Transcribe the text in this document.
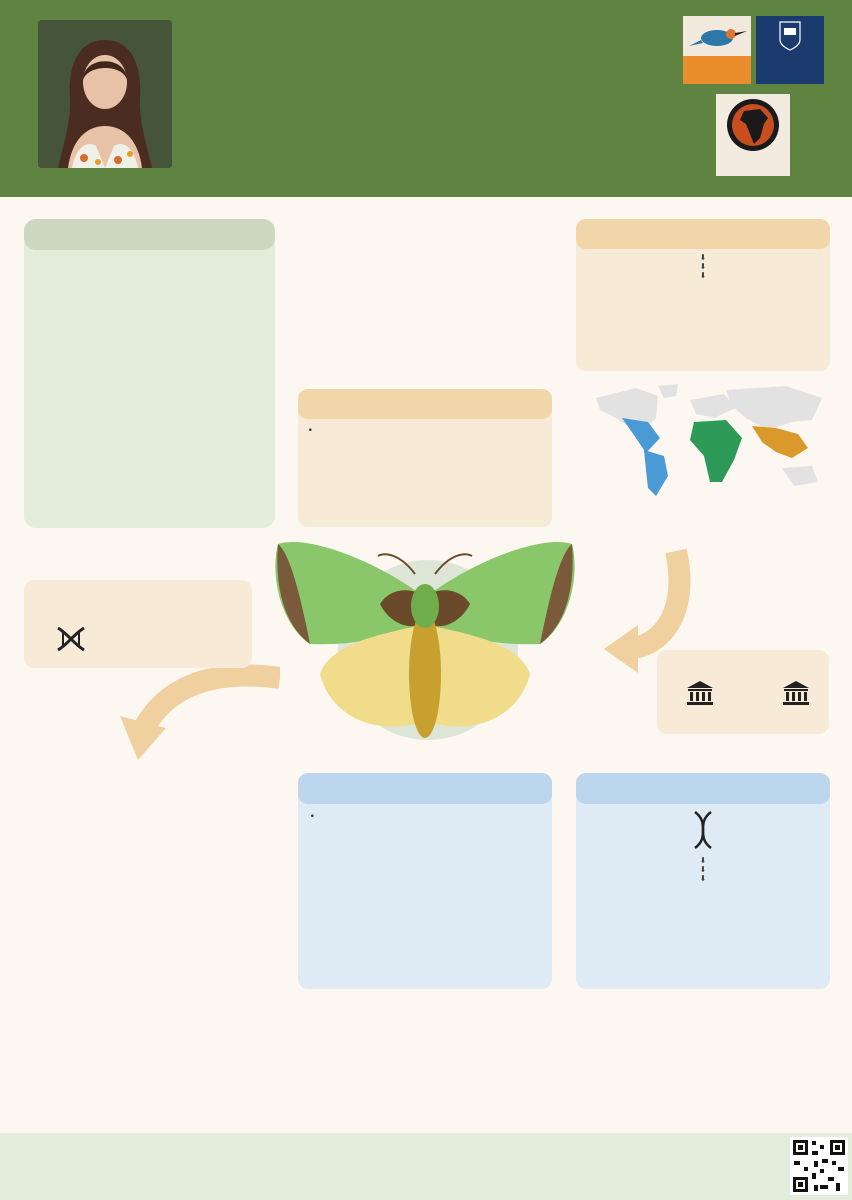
⬇
⬇
⬇
⬇
⬇
⬇
